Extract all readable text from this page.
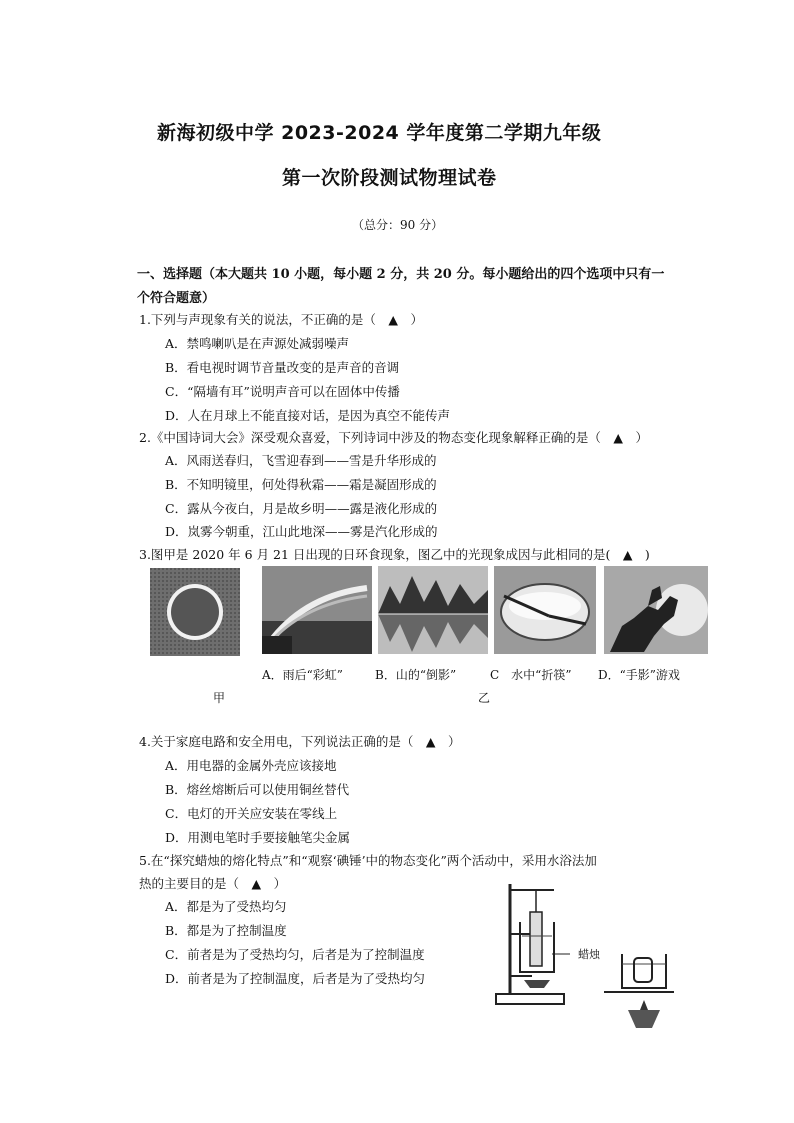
新海初级中学 2023-2024 学年度第二学期九年级
第一次阶段测试物理试卷
（总分：90 分）
一、选择题（本大题共 10 小题，每小题 2 分，共 20 分。每小题给出的四个选项中只有一
个符合题意）
1.下列与声现象有关的说法，不正确的是（　▲　）
A．禁鸣喇叭是在声源处减弱噪声
B．看电视时调节音量改变的是声音的音调
C．“隔墙有耳”说明声音可以在固体中传播
D．人在月球上不能直接对话，是因为真空不能传声
2.《中国诗词大会》深受观众喜爱，下列诗词中涉及的物态变化现象解释正确的是（　▲　）
A．风雨送春归，飞雪迎春到——雪是升华形成的
B．不知明镜里，何处得秋霜——霜是凝固形成的
C．露从今夜白，月是故乡明——露是液化形成的
D．岚雾今朝重，江山此地深——雾是汽化形成的
3.图甲是 2020 年 6 月 21 日出现的日环食现象，图乙中的光现象成因与此相同的是(　▲　)
A．雨后“彩虹”	B．山的“倒影”	C　水中“折筷” D．“手影”游戏
甲	乙
4.关于家庭电路和安全用电，下列说法正确的是（　▲　）
A．用电器的金属外壳应该接地
B．熔丝熔断后可以使用铜丝替代
C．电灯的开关应安装在零线上
D．用测电笔时手要接触笔尖金属
5.在“探究蜡烛的熔化特点”和“观察‘碘锤’中的物态变化”两个活动中，采用水浴法加
热的主要目的是（　▲　）
A．都是为了受热均匀
B．都是为了控制温度
C．前者是为了受热均匀，后者是为了控制温度
D．前者是为了控制温度，后者是为了受热均匀
蜡烛
